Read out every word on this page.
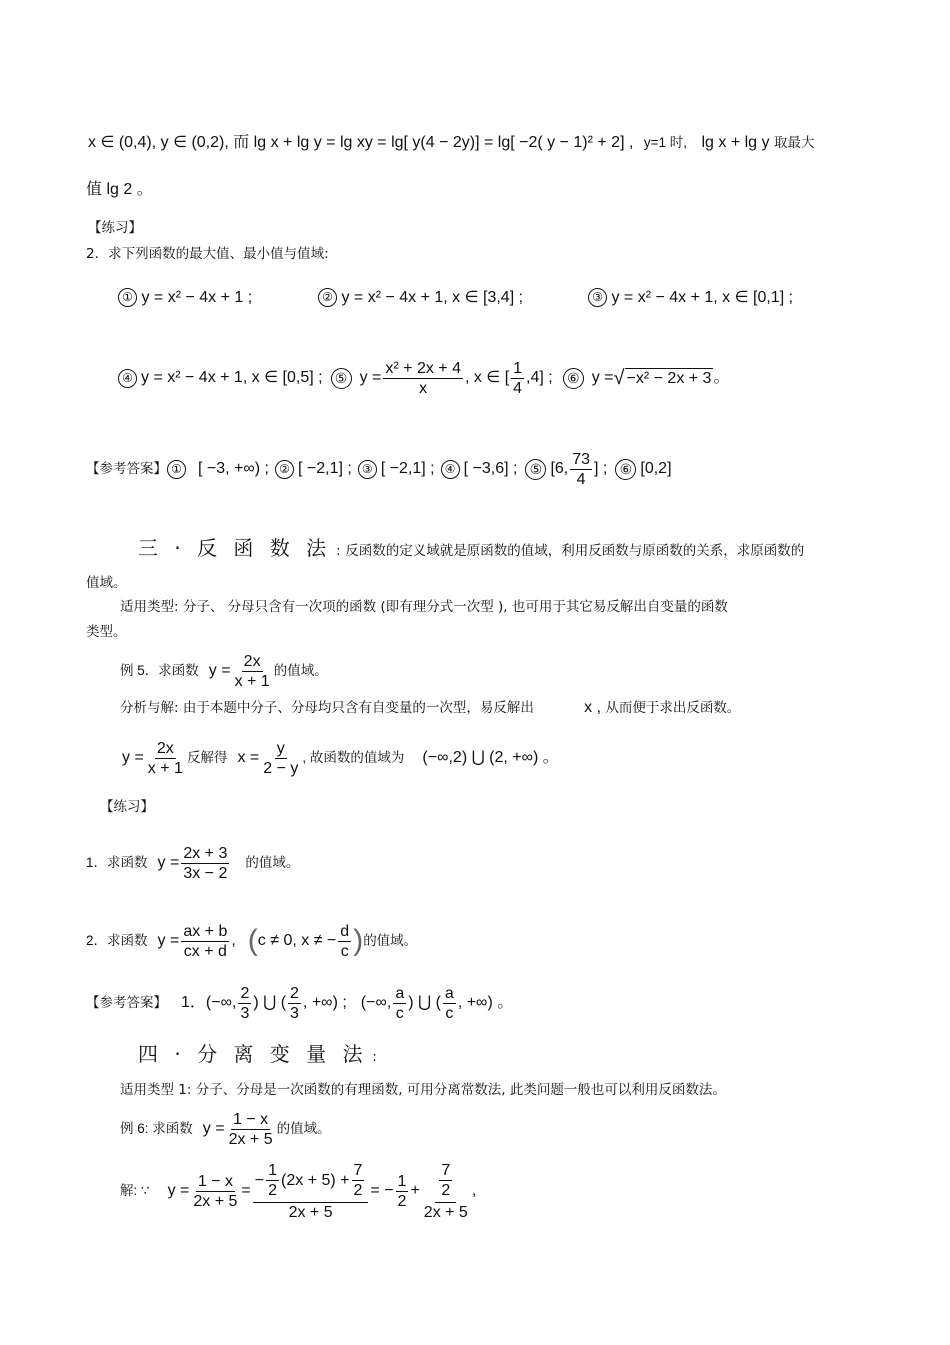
x ∈ (0,4), y ∈ (0,2), 而 lg x + lg y = lg xy = lg[ y(4 − 2y)] = lg[ −2( y − 1)² + 2] , y=1 时, lg x + lg y 取最大
值 lg 2 。
【练习】
2．求下列函数的最大值、最小值与值域:
① y = x² − 4x + 1 ;	② y = x² − 4x + 1, x ∈ [3,4] ;	③ y = x² − 4x + 1, x ∈ [0,1] ;
④ y = x² − 4x + 1, x ∈ [0,5] ; ⑤ $y = \frac{\text{x² + 2x + 4}}{x}$ , x ∈ [ $\frac{1}{4} ,4$] ;	⑥ y = √ −x² − 2x + 3 。
【参考答案】 ① [ −3, +∞) ; ② [ −2,1] ; ③ [ −2,1] ; ④ [ −3,6] ; ⑤ [6, $\frac{73}{4}$ ] ; ⑥ [0,2]
三 · 反 函 数 法 : 反函数的定义域就是原函数的值域，利用反函数与原函数的关系，求原函数的
值域。
适用类型: 分子、 分母只含有一次项的函数 (即有理分式一次型 ), 也可用于其它易反解出自变量的函数
类型。
例 5．求函数 $y = \frac{2x}{x + 1}$ 的值域。
分析与解: 由于本题中分子、分母均只含有自变量的一次型，易反解出	x , 从而便于求出反函数。
$y = \frac{2x}{x + 1}$ 反解得 $x = \frac{y}{2 - y}$ , 故函数的值域为 (−∞,2) ⋃ (2, +∞) 。
【练习】
1．求函数 $y = \frac{2x + 3}{3x - 2}$ 的值域。
2．求函数 $y = \frac{ax + b}{cx + d}$ , ( c ≠ 0, x ≠ − $\frac{d}{c}$ ) 的值域。
【参考答案】 1． (−∞, $\frac{2}{3}$ ) ⋃ ( $\frac{2}{3}$ , +∞) ; (−∞, $\frac{a}{c}$ ) ⋃ ( $\frac{a}{c}$ , +∞) 。
四 · 分 离 变 量 法 :
适用类型 1: 分子、分母是一次函数的有理函数, 可用分离常数法, 此类问题一般也可以利用反函数法。
例 6: 求函数 $y = \frac{1 - x}{2x + 5}$ 的值域。
解: ∵ $y = \frac{1 - x}{2x + 5}$ =
− $\frac{1}{2} (2x + 5) + \frac{7}{2}$
2x + 5
= − $\frac{1}{2} + \frac{\frac{7}{2}}{2x + 5}$ ,
